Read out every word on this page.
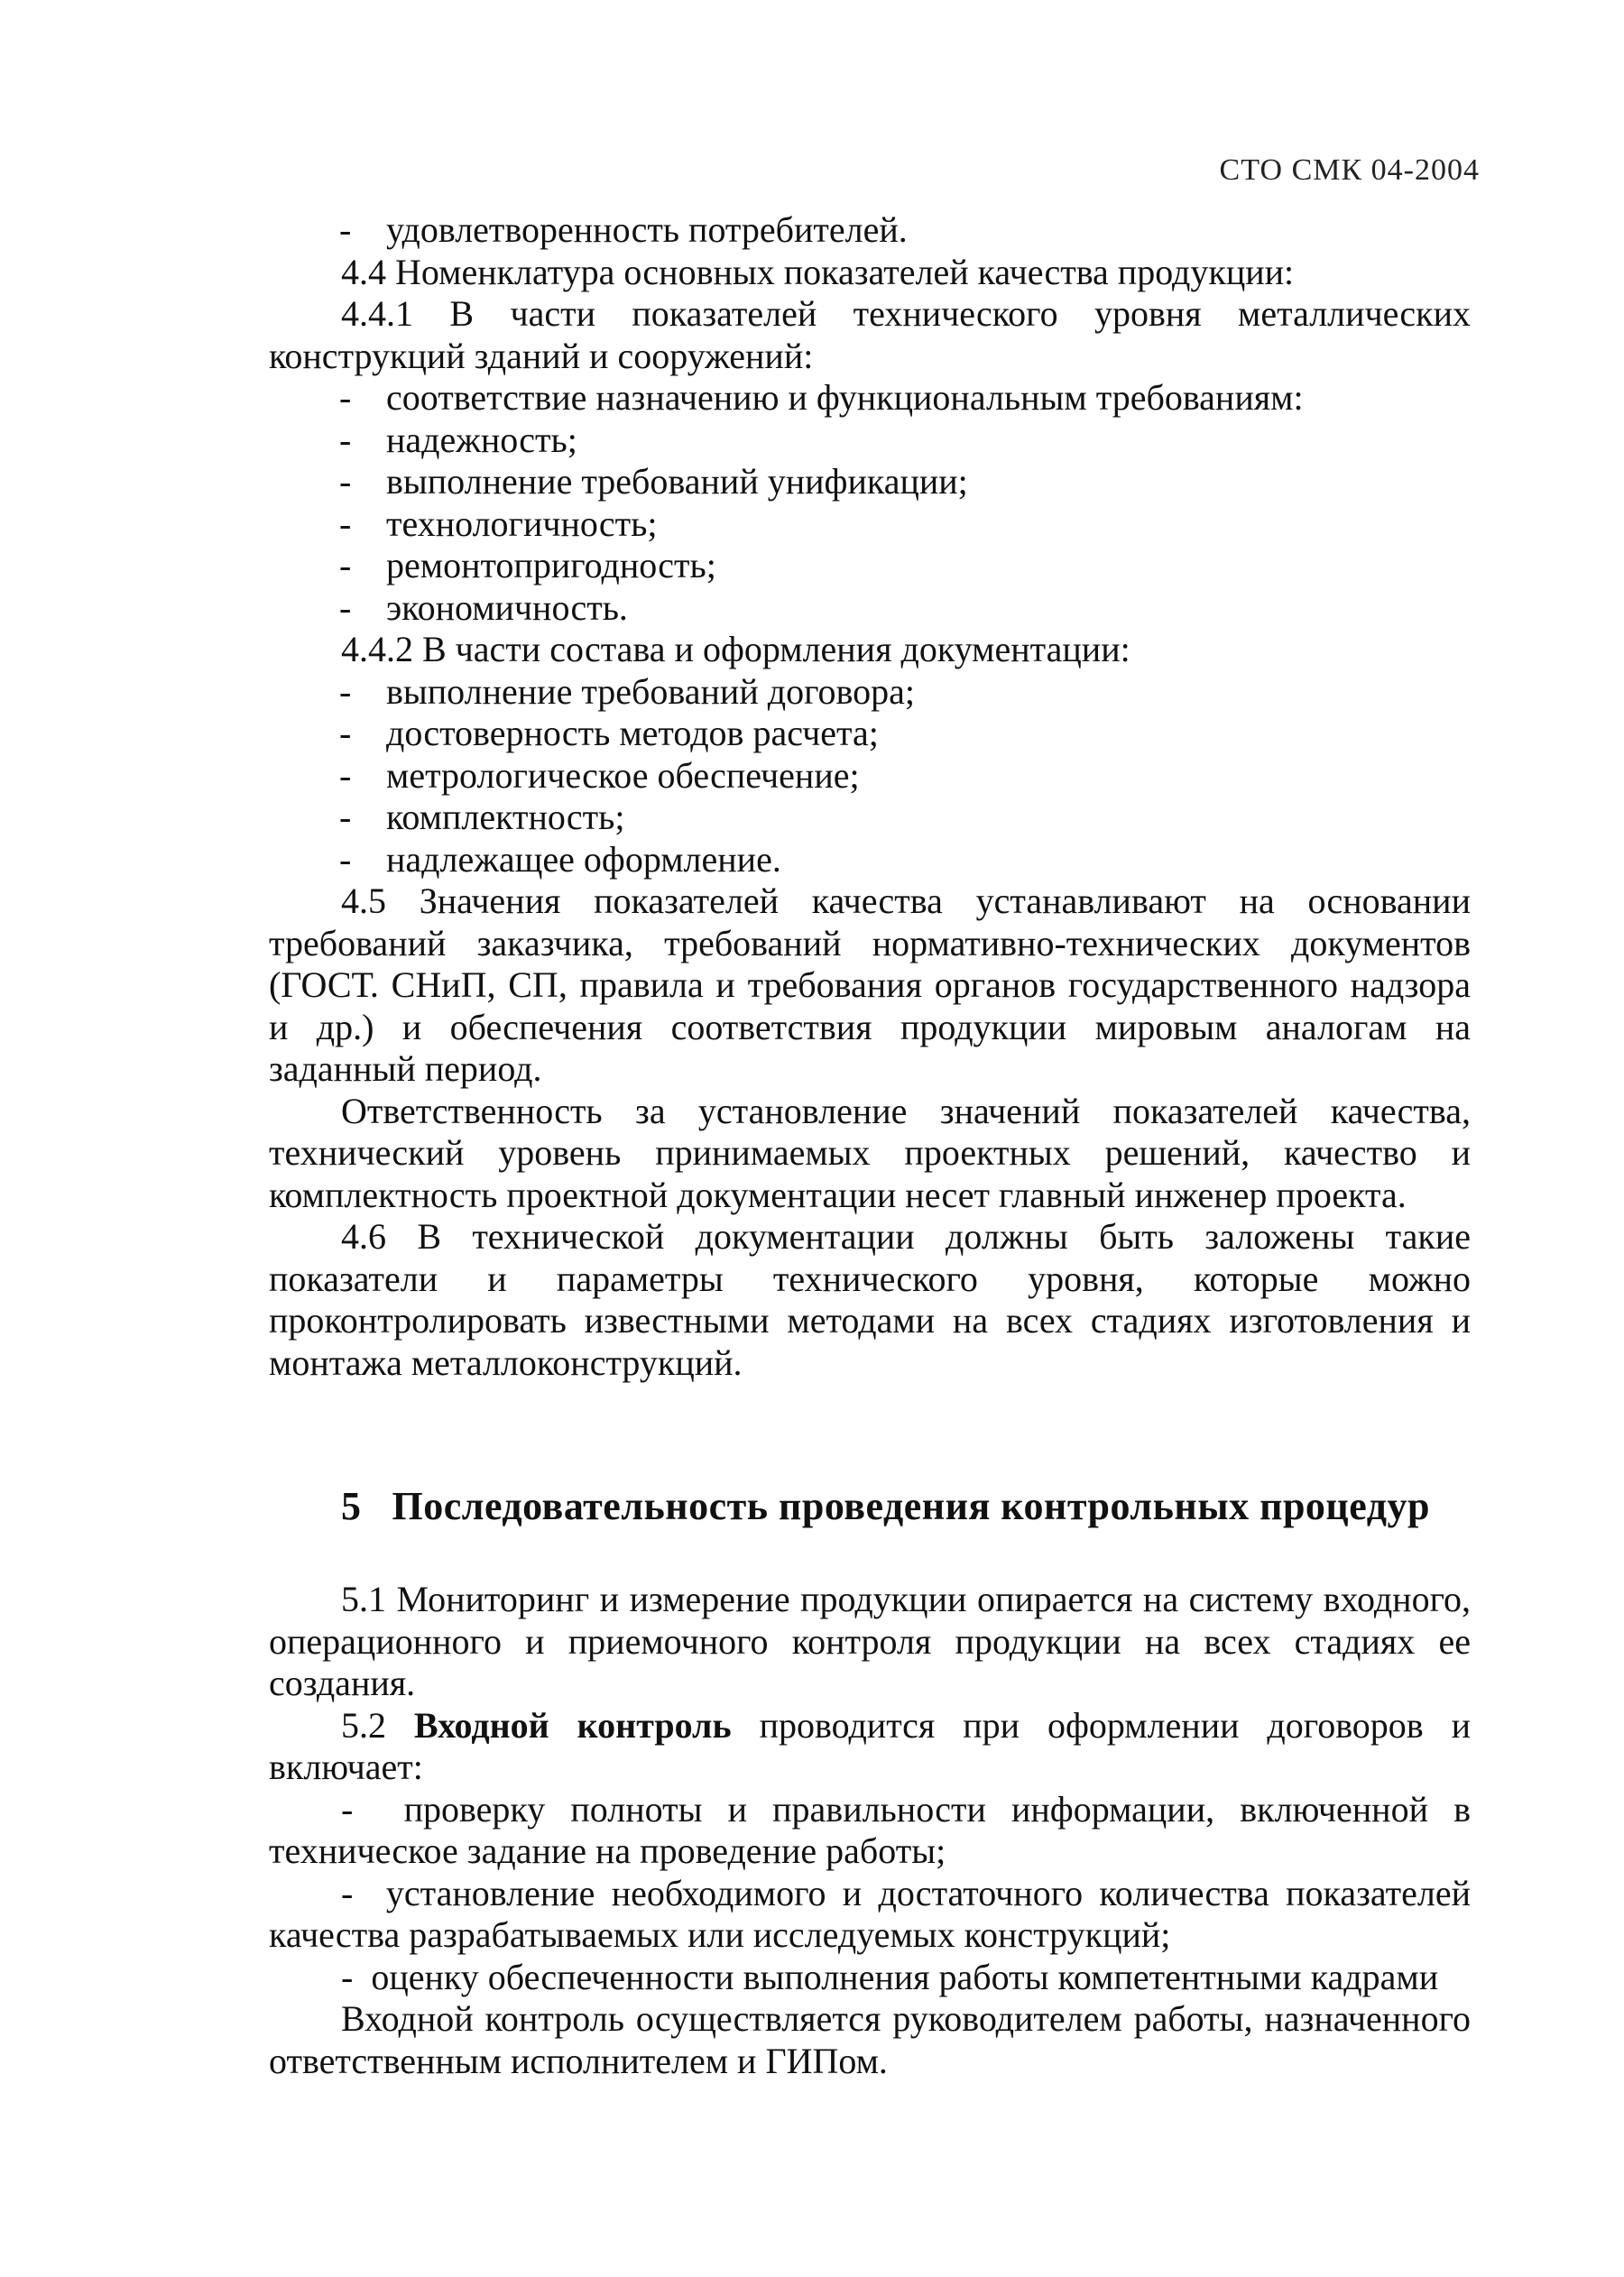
СТО СМК 04-2004

- удовлетворенность потребителей.

4.4 Номенклатура основных показателей качества продукции:

4.4.1 В части показателей технического уровня металлических конструкций зданий и сооружений:

- соответствие назначению и функциональным требованиям:

- надежность;

- выполнение требований унификации;

- технологичность;

- ремонтопригодность;

- экономичность.

4.4.2 В части состава и оформления документации:

- выполнение требований договора;

- достоверность методов расчета;

- метрологическое обеспечение;

- комплектность;

- надлежащее оформление.

4.5 Значения показателей качества устанавливают на основании требований заказчика, требований нормативно-технических документов (ГОСТ. СНиП, СП, правила и требования органов государственного надзора и др.) и обеспечения соответствия продукции мировым аналогам на заданный период.

Ответственность за установление значений показателей качества, технический уровень принимаемых проектных решений, качество и комплектность проектной документации несет главный инженер проекта.

4.6 В технической документации должны быть заложены такие показатели и параметры технического уровня, которые можно проконтролировать известными методами на всех стадиях изготовления и монтажа металлоконструкций.

5 Последовательность проведения контрольных процедур

5.1 Мониторинг и измерение продукции опирается на систему входного, операционного и приемочного контроля продукции на всех стадиях ее создания.

5.2 Входной контроль проводится при оформлении договоров и включает:

-  проверку полноты и правильности информации, включенной в техническое задание на проведение работы;

-  установление необходимого и достаточного количества показателей качества разрабатываемых или исследуемых конструкций;

-  оценку обеспеченности выполнения работы компетентными кадрами

Входной контроль осуществляется руководителем работы, назначенного ответственным исполнителем и ГИПом.
